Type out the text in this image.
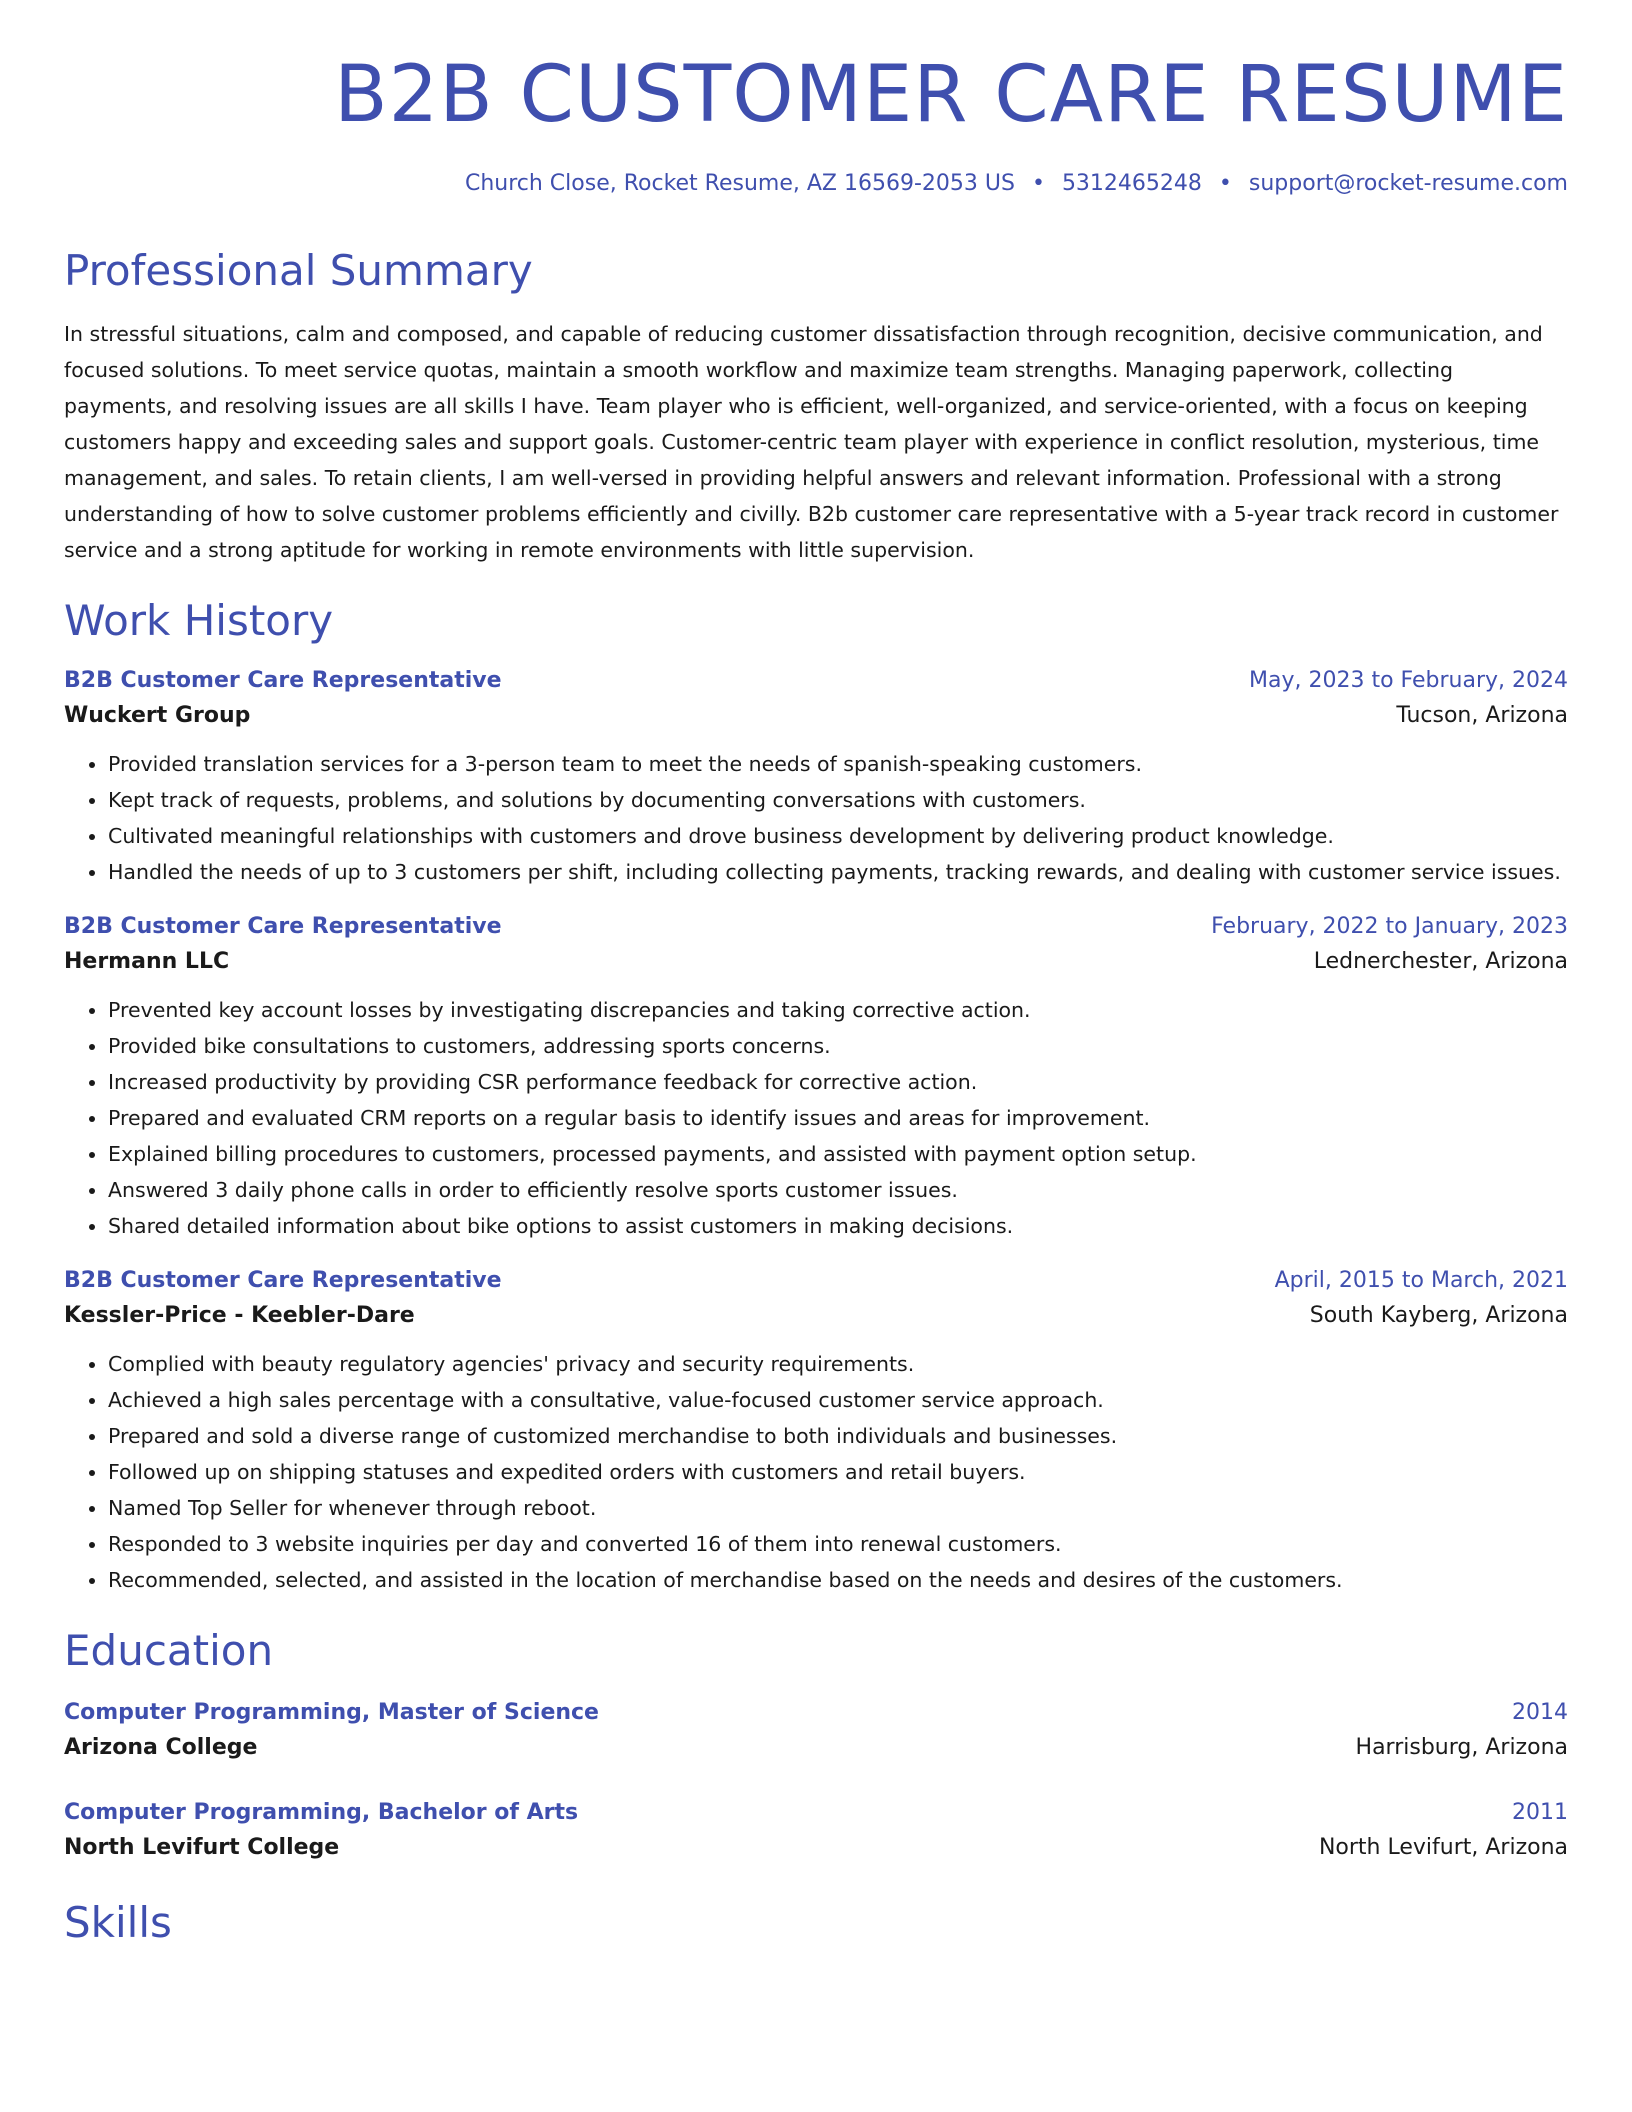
B2B CUSTOMER CARE RESUME
Church Close, Rocket Resume, AZ 16569-2053 US • 5312465248 • support@rocket-resume.com
Professional Summary

In stressful situations, calm and composed, and capable of reducing customer dissatisfaction through recognition, decisive communication, and focused solutions. To meet service quotas, maintain a smooth workflow and maximize team strengths. Managing paperwork, collecting payments, and resolving issues are all skills I have. Team player who is efficient, well-organized, and service-oriented, with a focus on keeping customers happy and exceeding sales and support goals. Customer-centric team player with experience in conflict resolution, mysterious, time management, and sales. To retain clients, I am well-versed in providing helpful answers and relevant information. Professional with a strong understanding of how to solve customer problems efficiently and civilly. B2b customer care representative with a 5-year track record in customer service and a strong aptitude for working in remote environments with little supervision.

Work History
B2B Customer Care Representative	May, 2023 to February, 2024
Wuckert Group	Tucson, Arizona
• Provided translation services for a 3-person team to meet the needs of spanish-speaking customers.
• Kept track of requests, problems, and solutions by documenting conversations with customers.
• Cultivated meaningful relationships with customers and drove business development by delivering product knowledge.
• Handled the needs of up to 3 customers per shift, including collecting payments, tracking rewards, and dealing with customer service issues.
B2B Customer Care Representative	February, 2022 to January, 2023
Hermann LLC	Lednerchester, Arizona
• Prevented key account losses by investigating discrepancies and taking corrective action.
• Provided bike consultations to customers, addressing sports concerns.
• Increased productivity by providing CSR performance feedback for corrective action.
• Prepared and evaluated CRM reports on a regular basis to identify issues and areas for improvement.
• Explained billing procedures to customers, processed payments, and assisted with payment option setup.
• Answered 3 daily phone calls in order to efficiently resolve sports customer issues.
• Shared detailed information about bike options to assist customers in making decisions.
B2B Customer Care Representative	April, 2015 to March, 2021
Kessler-Price - Keebler-Dare	South Kayberg, Arizona
• Complied with beauty regulatory agencies' privacy and security requirements.
• Achieved a high sales percentage with a consultative, value-focused customer service approach.
• Prepared and sold a diverse range of customized merchandise to both individuals and businesses.
• Followed up on shipping statuses and expedited orders with customers and retail buyers.
• Named Top Seller for whenever through reboot.
• Responded to 3 website inquiries per day and converted 16 of them into renewal customers.
• Recommended, selected, and assisted in the location of merchandise based on the needs and desires of the customers.
Education
Computer Programming, Master of Science	2014
Arizona College	Harrisburg, Arizona
Computer Programming, Bachelor of Arts	2011
North Levifurt College	North Levifurt, Arizona
Skills
